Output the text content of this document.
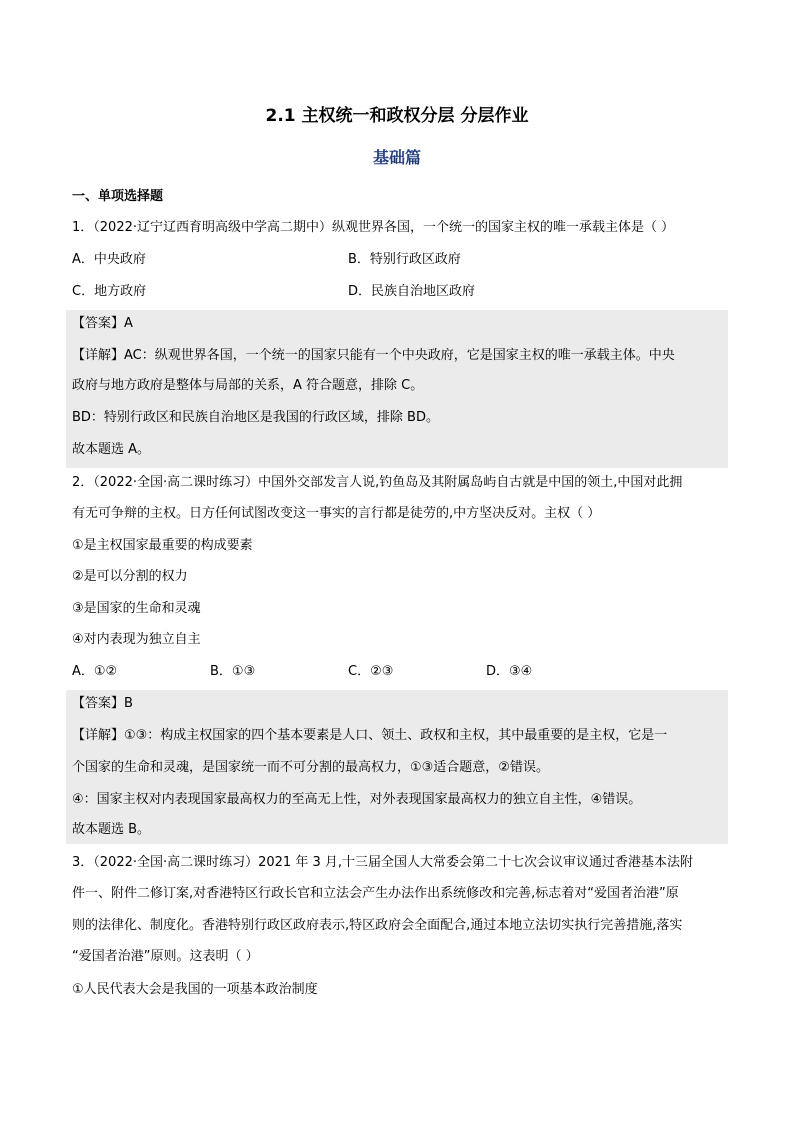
2.1 主权统一和政权分层 分层作业
基础篇
一、单项选择题
1．（2022·辽宁辽西育明高级中学高二期中）纵观世界各国，一个统一的国家主权的唯一承载主体是（ ）
A．中央政府	B．特别行政区政府
C．地方政府	D．民族自治地区政府
【答案】A
【详解】AC：纵观世界各国，一个统一的国家只能有一个中央政府，它是国家主权的唯一承载主体。中央
政府与地方政府是整体与局部的关系，A 符合题意，排除 C。
BD：特别行政区和民族自治地区是我国的行政区域，排除 BD。
故本题选 A。
2．（2022·全国·高二课时练习）中国外交部发言人说,钓鱼岛及其附属岛屿自古就是中国的领土,中国对此拥
有无可争辩的主权。日方任何试图改变这一事实的言行都是徒劳的,中方坚决反对。主权（ ）
①是主权国家最重要的构成要素
②是可以分割的权力
③是国家的生命和灵魂
④对内表现为独立自主
A．①②	B．①③	C．②③	D．③④
【答案】B
【详解】①③：构成主权国家的四个基本要素是人口、领土、政权和主权，其中最重要的是主权，它是一
个国家的生命和灵魂，是国家统一而不可分割的最高权力，①③适合题意，②错误。
④：国家主权对内表现国家最高权力的至高无上性，对外表现国家最高权力的独立自主性，④错误。
故本题选 B。
3．（2022·全国·高二课时练习）2021 年 3 月,十三届全国人大常委会第二十七次会议审议通过香港基本法附
件一、附件二修订案,对香港特区行政长官和立法会产生办法作出系统修改和完善,标志着对“爱国者治港”原
则的法律化、制度化。香港特别行政区政府表示,特区政府会全面配合,通过本地立法切实执行完善措施,落实
“爱国者治港”原则。这表明（ ）
①人民代表大会是我国的一项基本政治制度
